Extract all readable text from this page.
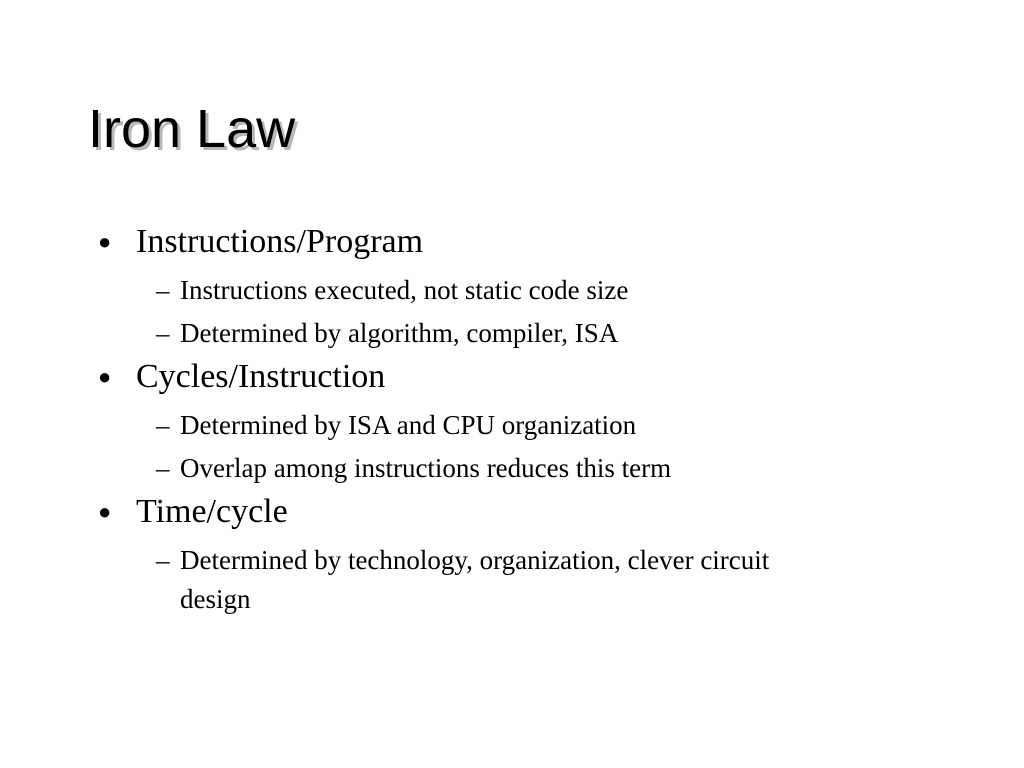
Iron Law
● Instructions/Program
– Instructions executed, not static code size
– Determined by algorithm, compiler, ISA
● Cycles/Instruction
– Determined by ISA and CPU organization
– Overlap among instructions reduces this term
● Time/cycle
– Determined by technology, organization, clever circuit design
